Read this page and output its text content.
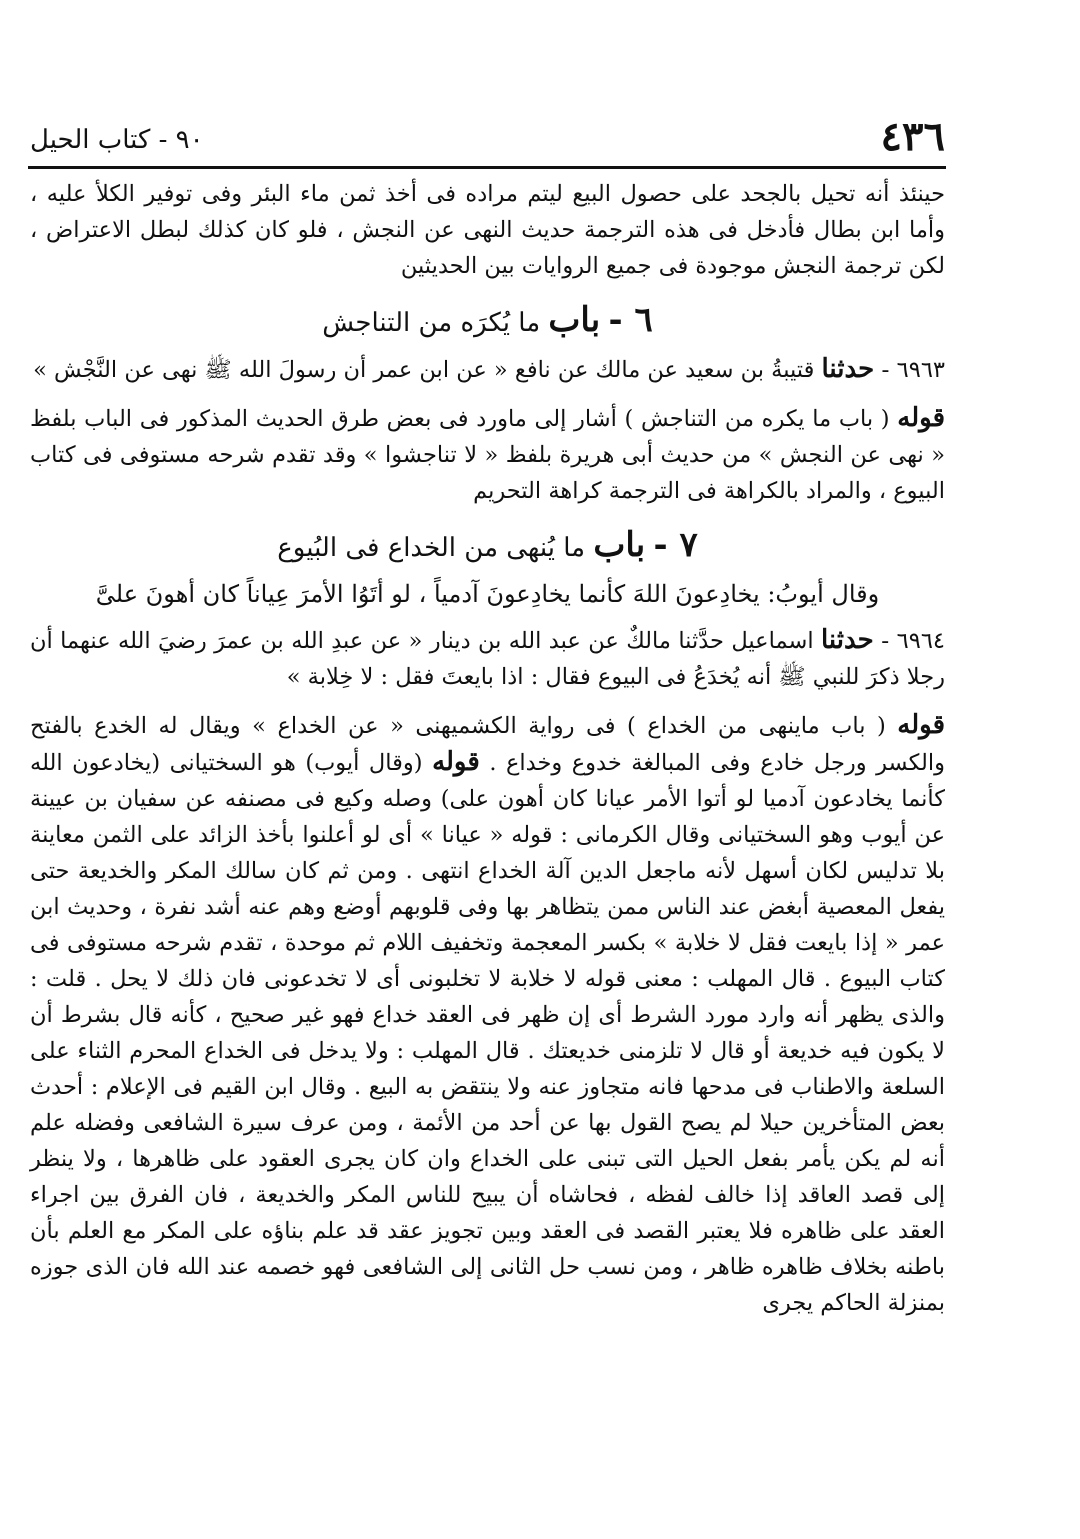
٤٣٦
٩٠ - كتاب الحيل

حينئذ أنه تحيل بالجحد على حصول البيع ليتم مراده فى أخذ ثمن ماء البئر وفى توفير الكلأ عليه ، وأما ابن بطال فأدخل فى هذه الترجمة حديث النهى عن النجش ، فلو كان كذلك لبطل الاعتراض ، لكن ترجمة النجش موجودة فى جميع الروايات بين الحديثين

٦ - باب ما يُكرَه من التناجش

٦٩٦٣ - حدثنا قتيبةُ بن سعيد عن مالك عن نافع « عن ابن عمر أن رسولَ الله ﷺ نهى عن النَّجْش »

قوله ( باب ما يكره من التناجش ) أشار إلى ماورد فى بعض طرق الحديث المذكور فى الباب بلفظ « نهى عن النجش » من حديث أبى هريرة بلفظ « لا تناجشوا » وقد تقدم شرحه مستوفى فى كتاب البيوع ، والمراد بالكراهة فى الترجمة كراهة التحريم

٧ - باب ما يُنهى من الخداع فى البُيوع

وقال أيوبُ: يخادِعونَ اللهَ كأنما يخادِعونَ آدمياً ، لو أتَوُا الأمرَ عِياناً كان أهونَ علىَّ

٦٩٦٤ - حدثنا اسماعيل حدَّثنا مالكٌ عن عبد الله بن دينار « عن عبدِ الله بن عمرَ رضيَ الله عنهما أن رجلا ذكرَ للنبي ﷺ أنه يُخدَعُ فى البيوع فقال : اذا بايعتَ فقل : لا خِلابة »

قوله ( باب ماينهى من الخداع ) فى رواية الكشميهنى « عن الخداع » ويقال له الخدع بالفتح والكسر ورجل خادع وفى المبالغة خدوع وخداع . قوله (وقال أيوب) هو السختيانى (يخادعون الله كأنما يخادعون آدميا لو أتوا الأمر عيانا كان أهون على) وصله وكيع فى مصنفه عن سفيان بن عيينة عن أيوب وهو السختيانى وقال الكرمانى : قوله « عيانا » أى لو أعلنوا بأخذ الزائد على الثمن معاينة بلا تدليس لكان أسهل لأنه ماجعل الدين آلة الخداع انتهى . ومن ثم كان سالك المكر والخديعة حتى يفعل المعصية أبغض عند الناس ممن يتظاهر بها وفى قلوبهم أوضع وهم عنه أشد نفرة ، وحديث ابن عمر « إذا بايعت فقل لا خلابة » بكسر المعجمة وتخفيف اللام ثم موحدة ، تقدم شرحه مستوفى فى كتاب البيوع . قال المهلب : معنى قوله لا خلابة لا تخلبونى أى لا تخدعونى فان ذلك لا يحل . قلت : والذى يظهر أنه وارد مورد الشرط أى إن ظهر فى العقد خداع فهو غير صحيح ، كأنه قال بشرط أن لا يكون فيه خديعة أو قال لا تلزمنى خديعتك . قال المهلب : ولا يدخل فى الخداع المحرم الثناء على السلعة والاطناب فى مدحها فانه متجاوز عنه ولا ينتقض به البيع . وقال ابن القيم فى الإعلام : أحدث بعض المتأخرين حيلا لم يصح القول بها عن أحد من الأئمة ، ومن عرف سيرة الشافعى وفضله علم أنه لم يكن يأمر بفعل الحيل التى تبنى على الخداع وان كان يجرى العقود على ظاهرها ، ولا ينظر إلى قصد العاقد إذا خالف لفظه ، فحاشاه أن يبيح للناس المكر والخديعة ، فان الفرق بين اجراء العقد على ظاهره فلا يعتبر القصد فى العقد وبين تجويز عقد قد علم بناؤه على المكر مع العلم بأن باطنه بخلاف ظاهره ظاهر ، ومن نسب حل الثانى إلى الشافعى فهو خصمه عند الله فان الذى جوزه بمنزلة الحاكم يجرى
